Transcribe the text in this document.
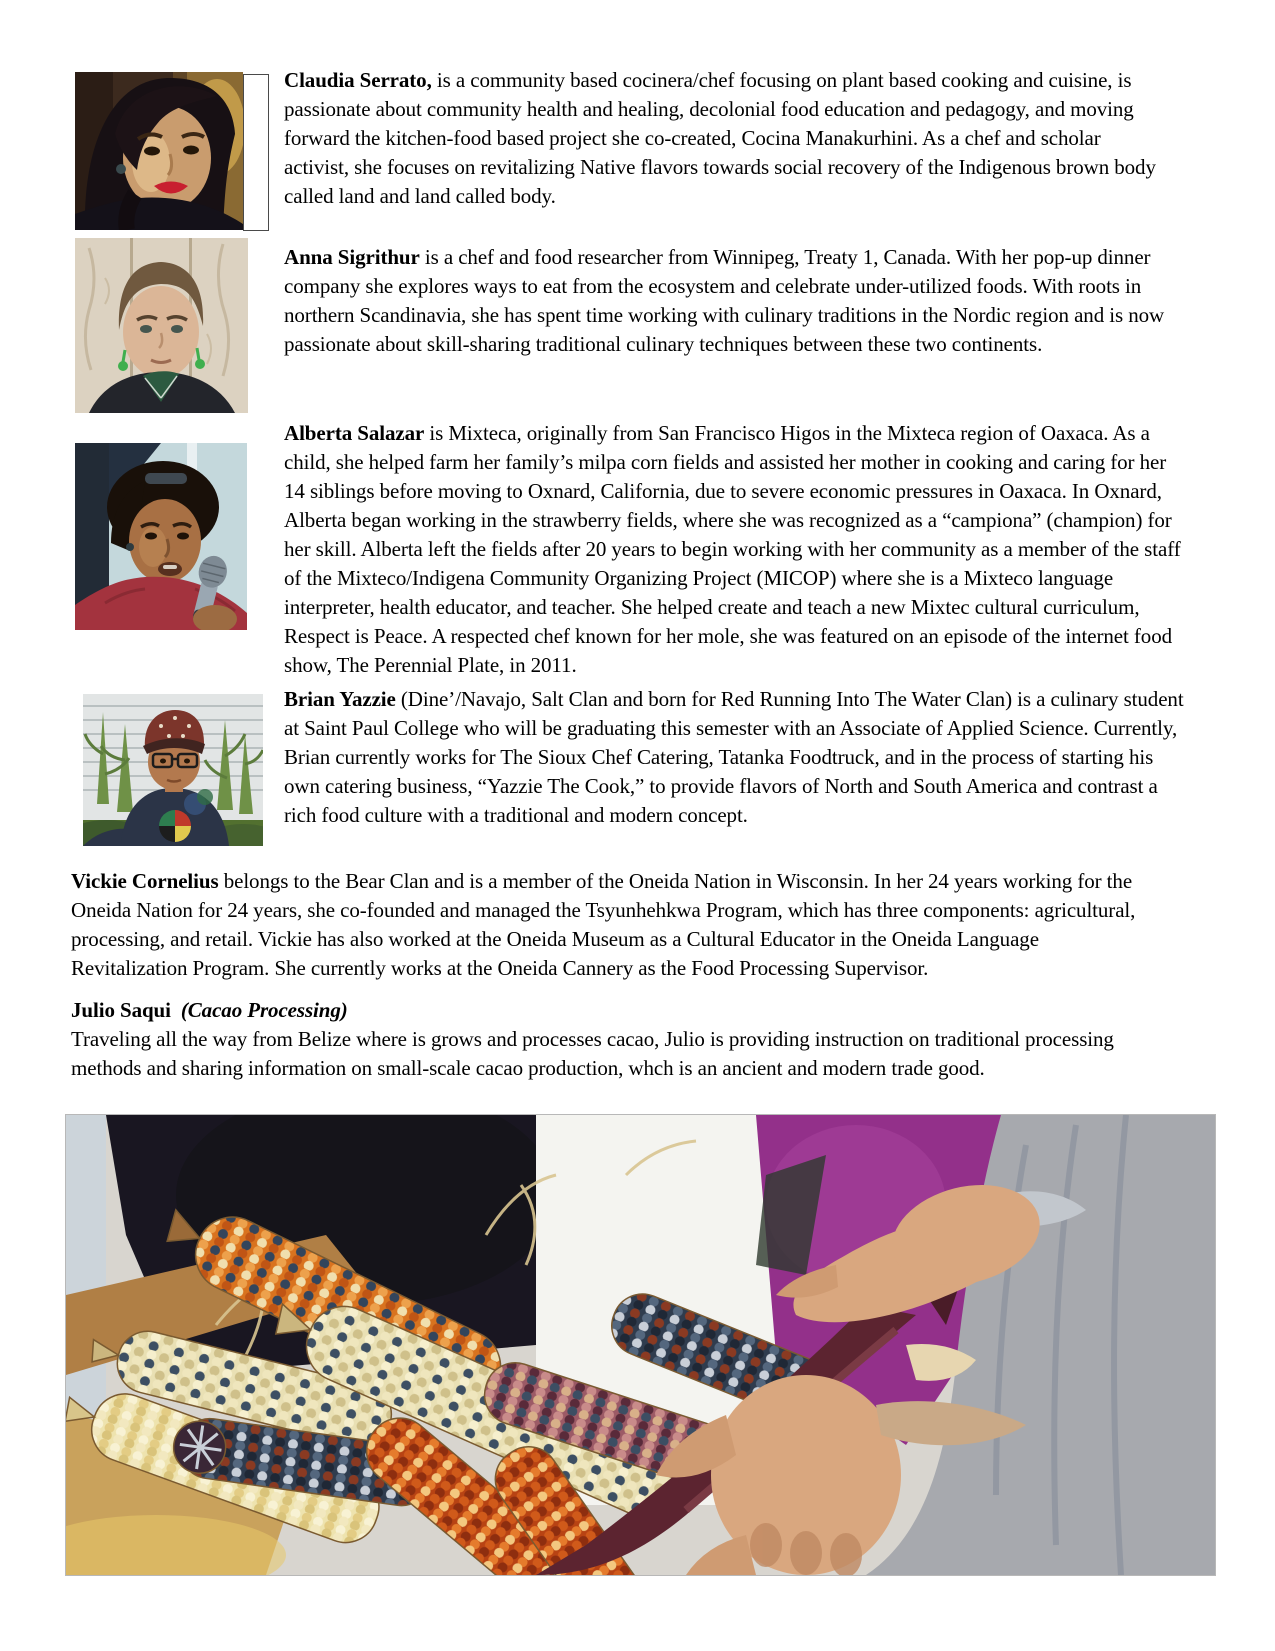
Claudia Serrato, is a community based cocinera/chef focusing on plant based cooking and cuisine, is passionate about community health and healing, decolonial food education and pedagogy, and moving forward the kitchen-food based project she co-created, Cocina Manakurhini. As a chef and scholar activist, she focuses on revitalizing Native flavors towards social recovery of the Indigenous brown body called land and land called body.

Anna Sigrithur is a chef and food researcher from Winnipeg, Treaty 1, Canada. With her pop-up dinner company she explores ways to eat from the ecosystem and celebrate under-utilized foods. With roots in northern Scandinavia, she has spent time working with culinary traditions in the Nordic region and is now passionate about skill-sharing traditional culinary techniques between these two continents.

Alberta Salazar is Mixteca, originally from San Francisco Higos in the Mixteca region of Oaxaca. As a child, she helped farm her family’s milpa corn fields and assisted her mother in cooking and caring for her 14 siblings before moving to Oxnard, California, due to severe economic pressures in Oaxaca. In Oxnard, Alberta began working in the strawberry fields, where she was recognized as a “campiona” (champion) for her skill. Alberta left the fields after 20 years to begin working with her community as a member of the staff of the Mixteco/Indigena Community Organizing Project (MICOP) where she is a Mixteco language interpreter, health educator, and teacher. She helped create and teach a new Mixtec cultural curriculum, Respect is Peace. A respected chef known for her mole, she was featured on an episode of the internet food show, The Perennial Plate, in 2011.

Brian Yazzie (Dine’/Navajo, Salt Clan and born for Red Running Into The Water Clan) is a culinary student at Saint Paul College who will be graduating this semester with an Associate of Applied Science. Currently, Brian currently works for The Sioux Chef Catering, Tatanka Foodtruck, and in the process of starting his own catering business, “Yazzie The Cook,” to provide flavors of North and South America and contrast a rich food culture with a traditional and modern concept.

Vickie Cornelius belongs to the Bear Clan and is a member of the Oneida Nation in Wisconsin. In her 24 years working for the Oneida Nation for 24 years, she co-founded and managed the Tsyunhehkwa Program, which has three components: agricultural, processing, and retail. Vickie has also worked at the Oneida Museum as a Cultural Educator in the Oneida Language Revitalization Program. She currently works at the Oneida Cannery as the Food Processing Supervisor.

Julio Saqui (Cacao Processing)

Traveling all the way from Belize where is grows and processes cacao, Julio is providing instruction on traditional processing methods and sharing information on small-scale cacao production, whch is an ancient and modern trade good.
